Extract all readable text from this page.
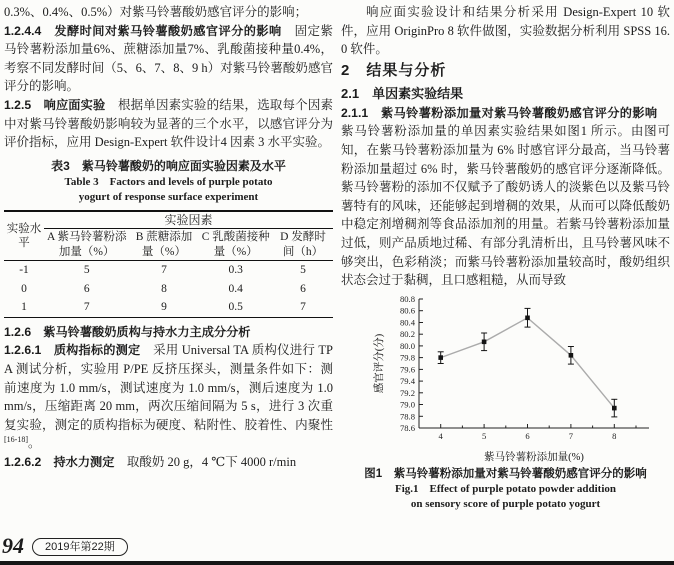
0.3%、0.4%、0.5%）对紫马铃薯酸奶感官评分的影响；

1.2.4.4　发酵时间对紫马铃薯酸奶感官评分的影响　固定紫马铃薯粉添加量6%、蔗糖添加量7%、乳酸菌接种量0.4%，考察不同发酵时间（5、6、7、8、9 h）对紫马铃薯酸奶感官评分的影响。

1.2.5　响应面实验　根据单因素实验的结果，选取每个因素中对紫马铃薯酸奶影响较为显著的三个水平，以感官评分为评价指标，应用 Design-Expert 软件设计4 因素 3 水平实验。

表3　紫马铃薯酸奶的响应面实验因素及水平
Table 3　Factors and levels of purple potato
yogurt of response surface experiment
实验水平	实验因素			
	A 紫马铃薯粉添加量（%）	B 蔗糖添加量（%）	C 乳酸菌接种量（%）	D 发酵时间（h）
-1	5	7	0.3	5
0	6	8	0.4	6
1	7	9	0.5	7

1.2.6　紫马铃薯酸奶质构与持水力主成分分析

1.2.6.1　质构指标的测定　采用 Universal TA 质构仪进行 TPA 测试分析，实验用 P/PE 反挤压探头，测量条件如下：测前速度为 1.0 mm/s，测试速度为 1.0 mm/s，测后速度为 1.0 mm/s，压缩距离 20 mm，两次压缩间隔为 5 s，进行 3 次重复实验，测定的质构指标为硬度、粘附性、胶着性、内聚性[16-18]。

1.2.6.2　持水力测定　取酸奶 20 g，4 ℃下 4000 r/min

响应面实验设计和结果分析采用 Design-Expert 10 软件，应用 OriginPro 8 软件做图，实验数据分析利用 SPSS 16.0 软件。

2　结果与分析
2.1　单因素实验结果

2.1.1　紫马铃薯粉添加量对紫马铃薯酸奶感官评分的影响　紫马铃薯粉添加量的单因素实验结果如图1 所示。由图可知，在紫马铃薯粉添加量为 6% 时感官评分最高，当马铃薯粉添加量超过 6% 时，紫马铃薯酸奶的感官评分逐渐降低。紫马铃薯粉的添加不仅赋予了酸奶诱人的淡紫色以及紫马铃薯特有的风味，还能够起到增稠的效果，从而可以降低酸奶中稳定剂增稠剂等食品添加剂的用量。若紫马铃薯粉添加量过低，则产品质地过稀、有部分乳清析出，且马铃薯风味不够突出，色彩稍淡；而紫马铃薯粉添加量较高时，酸奶组织状态会过于黏稠，且口感粗糙，从而导致

78.6
78.8
79.0
79.2
79.4
79.6
79.8
80.0
80.2
80.4
80.6
80.8
4	5	6	7	8
紫马铃薯粉添加量(%)
感官评分(分)
图1　紫马铃薯粉添加量对紫马铃薯酸奶感官评分的影响
Fig.1　Effect of purple potato powder addition
on sensory score of purple potato yogurt
94	2019年第22期
